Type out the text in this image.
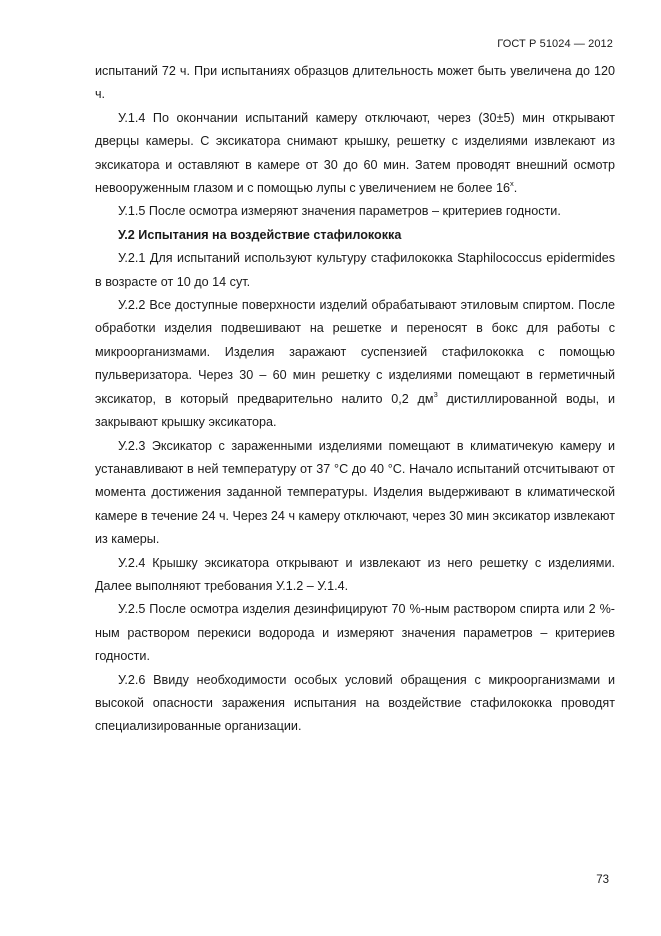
ГОСТ Р 51024 — 2012

испытаний 72 ч. При испытаниях образцов длительность может быть увеличена до 120 ч.

У.1.4 По окончании испытаний камеру отключают, через (30±5) мин открывают дверцы камеры. С эксикатора снимают крышку, решетку с изделиями извлекают из эксикатора и оставляют в камере от 30 до 60 мин. Затем проводят внешний осмотр невооруженным глазом и с помощью лупы с увеличением не более $16^х$.

У.1.5 После осмотра измеряют значения параметров – критериев годности.

У.2 Испытания на воздействие стафилококка

У.2.1 Для испытаний используют культуру стафилококка Staphilococcus epidermides в возрасте от 10 до 14 сут.

У.2.2 Все доступные поверхности изделий обрабатывают этиловым спиртом. После обработки изделия подвешивают на решетке и переносят в бокс для работы с микроорганизмами. Изделия заражают суспензией стафилококка с помощью пульверизатора. Через 30 – 60 мин решетку с изделиями помещают в герметичный эксикатор, в который предварительно налито 0,2 $дм^3$ дистиллированной воды, и закрывают крышку эксикатора.

У.2.3 Эксикатор с зараженными изделиями помещают в климатичекую камеру и устанавливают в ней температуру от 37 °С до 40 °С. Начало испытаний отсчитывают от момента достижения заданной температуры. Изделия выдерживают в климатической камере в течение 24 ч. Через 24 ч камеру отключают, через 30 мин эксикатор извлекают из камеры.

У.2.4 Крышку эксикатора открывают и извлекают из него решетку с изделиями. Далее выполняют требования У.1.2 – У.1.4.

У.2.5 После осмотра изделия дезинфицируют 70 %-ным раствором спирта или 2 %-ным раствором перекиси водорода и измеряют значения параметров – критериев годности.

У.2.6 Ввиду необходимости особых условий обращения с микроорганизмами и высокой опасности заражения испытания на воздействие стафилококка проводят специализированные организации.

73
